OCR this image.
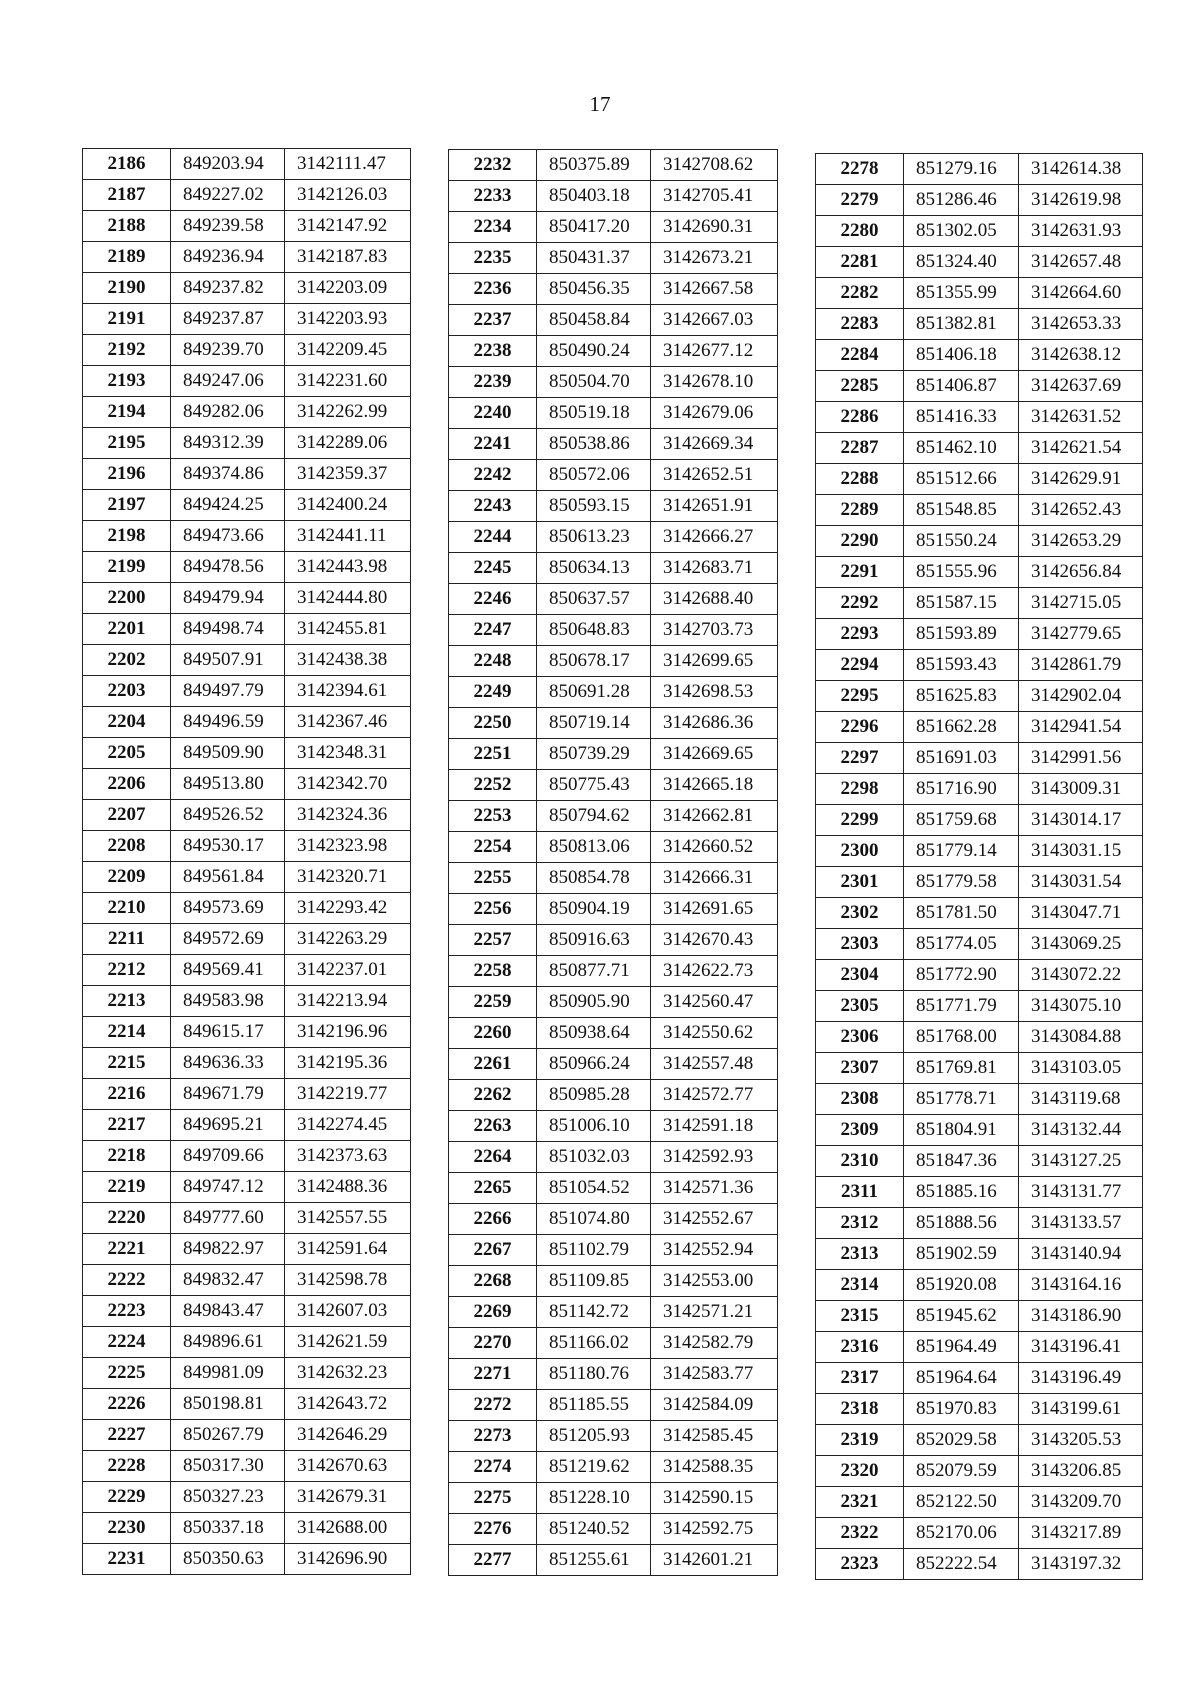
17
2186	849203.94	3142111.47
2187	849227.02	3142126.03
2188	849239.58	3142147.92
2189	849236.94	3142187.83
2190	849237.82	3142203.09
2191	849237.87	3142203.93
2192	849239.70	3142209.45
2193	849247.06	3142231.60
2194	849282.06	3142262.99
2195	849312.39	3142289.06
2196	849374.86	3142359.37
2197	849424.25	3142400.24
2198	849473.66	3142441.11
2199	849478.56	3142443.98
2200	849479.94	3142444.80
2201	849498.74	3142455.81
2202	849507.91	3142438.38
2203	849497.79	3142394.61
2204	849496.59	3142367.46
2205	849509.90	3142348.31
2206	849513.80	3142342.70
2207	849526.52	3142324.36
2208	849530.17	3142323.98
2209	849561.84	3142320.71
2210	849573.69	3142293.42
2211	849572.69	3142263.29
2212	849569.41	3142237.01
2213	849583.98	3142213.94
2214	849615.17	3142196.96
2215	849636.33	3142195.36
2216	849671.79	3142219.77
2217	849695.21	3142274.45
2218	849709.66	3142373.63
2219	849747.12	3142488.36
2220	849777.60	3142557.55
2221	849822.97	3142591.64
2222	849832.47	3142598.78
2223	849843.47	3142607.03
2224	849896.61	3142621.59
2225	849981.09	3142632.23
2226	850198.81	3142643.72
2227	850267.79	3142646.29
2228	850317.30	3142670.63
2229	850327.23	3142679.31
2230	850337.18	3142688.00
2231	850350.63	3142696.90
2232	850375.89	3142708.62
2233	850403.18	3142705.41
2234	850417.20	3142690.31
2235	850431.37	3142673.21
2236	850456.35	3142667.58
2237	850458.84	3142667.03
2238	850490.24	3142677.12
2239	850504.70	3142678.10
2240	850519.18	3142679.06
2241	850538.86	3142669.34
2242	850572.06	3142652.51
2243	850593.15	3142651.91
2244	850613.23	3142666.27
2245	850634.13	3142683.71
2246	850637.57	3142688.40
2247	850648.83	3142703.73
2248	850678.17	3142699.65
2249	850691.28	3142698.53
2250	850719.14	3142686.36
2251	850739.29	3142669.65
2252	850775.43	3142665.18
2253	850794.62	3142662.81
2254	850813.06	3142660.52
2255	850854.78	3142666.31
2256	850904.19	3142691.65
2257	850916.63	3142670.43
2258	850877.71	3142622.73
2259	850905.90	3142560.47
2260	850938.64	3142550.62
2261	850966.24	3142557.48
2262	850985.28	3142572.77
2263	851006.10	3142591.18
2264	851032.03	3142592.93
2265	851054.52	3142571.36
2266	851074.80	3142552.67
2267	851102.79	3142552.94
2268	851109.85	3142553.00
2269	851142.72	3142571.21
2270	851166.02	3142582.79
2271	851180.76	3142583.77
2272	851185.55	3142584.09
2273	851205.93	3142585.45
2274	851219.62	3142588.35
2275	851228.10	3142590.15
2276	851240.52	3142592.75
2277	851255.61	3142601.21
2278	851279.16	3142614.38
2279	851286.46	3142619.98
2280	851302.05	3142631.93
2281	851324.40	3142657.48
2282	851355.99	3142664.60
2283	851382.81	3142653.33
2284	851406.18	3142638.12
2285	851406.87	3142637.69
2286	851416.33	3142631.52
2287	851462.10	3142621.54
2288	851512.66	3142629.91
2289	851548.85	3142652.43
2290	851550.24	3142653.29
2291	851555.96	3142656.84
2292	851587.15	3142715.05
2293	851593.89	3142779.65
2294	851593.43	3142861.79
2295	851625.83	3142902.04
2296	851662.28	3142941.54
2297	851691.03	3142991.56
2298	851716.90	3143009.31
2299	851759.68	3143014.17
2300	851779.14	3143031.15
2301	851779.58	3143031.54
2302	851781.50	3143047.71
2303	851774.05	3143069.25
2304	851772.90	3143072.22
2305	851771.79	3143075.10
2306	851768.00	3143084.88
2307	851769.81	3143103.05
2308	851778.71	3143119.68
2309	851804.91	3143132.44
2310	851847.36	3143127.25
2311	851885.16	3143131.77
2312	851888.56	3143133.57
2313	851902.59	3143140.94
2314	851920.08	3143164.16
2315	851945.62	3143186.90
2316	851964.49	3143196.41
2317	851964.64	3143196.49
2318	851970.83	3143199.61
2319	852029.58	3143205.53
2320	852079.59	3143206.85
2321	852122.50	3143209.70
2322	852170.06	3143217.89
2323	852222.54	3143197.32
